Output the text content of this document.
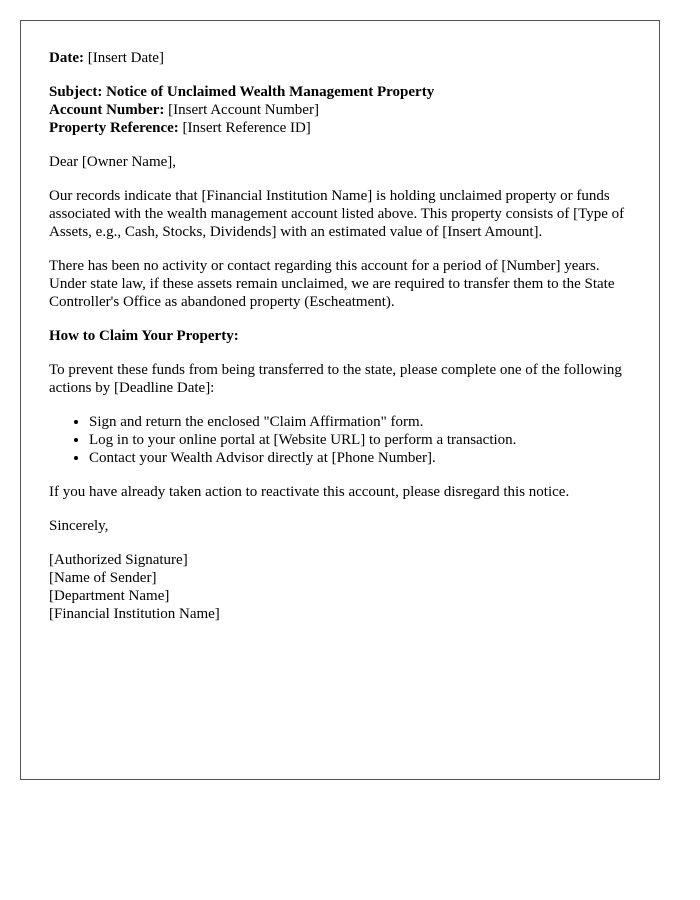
Date: [Insert Date]

Subject: Notice of Unclaimed Wealth Management Property
Account Number: [Insert Account Number]
Property Reference: [Insert Reference ID]

Dear [Owner Name],

Our records indicate that [Financial Institution Name] is holding unclaimed property or funds associated with the wealth management account listed above. This property consists of [Type of Assets, e.g., Cash, Stocks, Dividends] with an estimated value of [Insert Amount].

There has been no activity or contact regarding this account for a period of [Number] years. Under state law, if these assets remain unclaimed, we are required to transfer them to the State Controller's Office as abandoned property (Escheatment).

How to Claim Your Property:

To prevent these funds from being transferred to the state, please complete one of the following actions by [Deadline Date]:

• Sign and return the enclosed "Claim Affirmation" form.
• Log in to your online portal at [Website URL] to perform a transaction.
• Contact your Wealth Advisor directly at [Phone Number].

If you have already taken action to reactivate this account, please disregard this notice.

Sincerely,

[Authorized Signature]
[Name of Sender]
[Department Name]
[Financial Institution Name]
